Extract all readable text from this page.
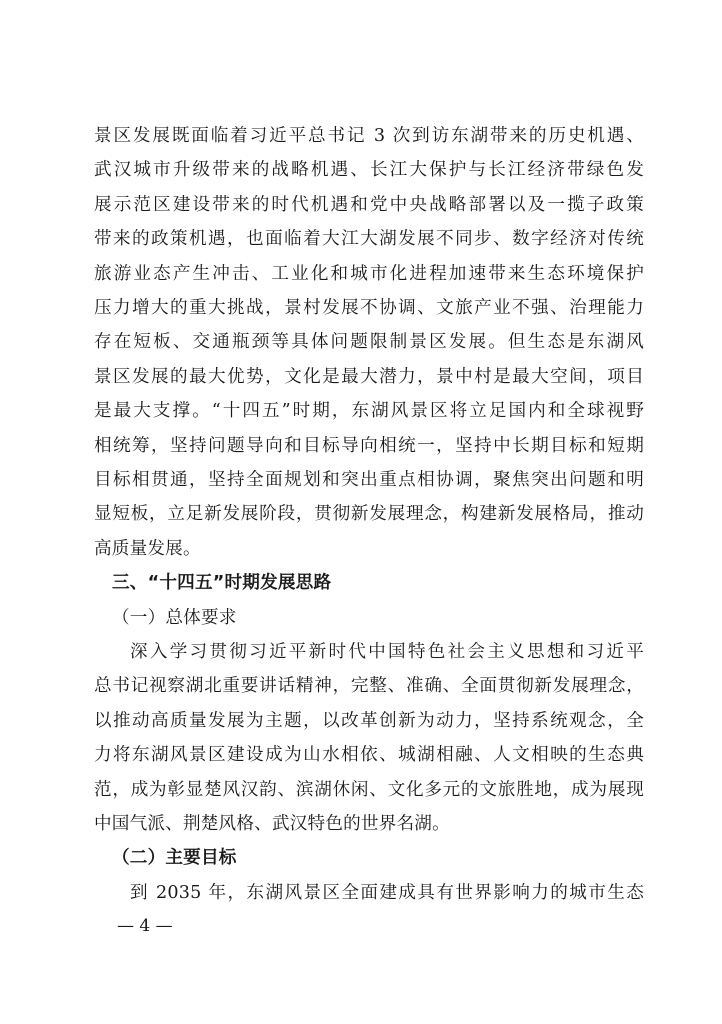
景区发展既面临着习近平总书记 3 次到访东湖带来的历史机遇、
武汉城市升级带来的战略机遇、长江大保护与长江经济带绿色发
展示范区建设带来的时代机遇和党中央战略部署以及一揽子政策
带来的政策机遇，也面临着大江大湖发展不同步、数字经济对传统
旅游业态产生冲击、工业化和城市化进程加速带来生态环境保护
压力增大的重大挑战，景村发展不协调、文旅产业不强、治理能力
存在短板、交通瓶颈等具体问题限制景区发展。但生态是东湖风
景区发展的最大优势，文化是最大潜力，景中村是最大空间，项目
是最大支撑。“十四五”时期，东湖风景区将立足国内和全球视野
相统筹，坚持问题导向和目标导向相统一，坚持中长期目标和短期
目标相贯通，坚持全面规划和突出重点相协调，聚焦突出问题和明
显短板，立足新发展阶段，贯彻新发展理念，构建新发展格局，推动
高质量发展。
三、“十四五”时期发展思路
（一）总体要求
深入学习贯彻习近平新时代中国特色社会主义思想和习近平
总书记视察湖北重要讲话精神，完整、准确、全面贯彻新发展理念，
以推动高质量发展为主题，以改革创新为动力，坚持系统观念，全
力将东湖风景区建设成为山水相依、城湖相融、人文相映的生态典
范，成为彰显楚风汉韵、滨湖休闲、文化多元的文旅胜地，成为展现
中国气派、荆楚风格、武汉特色的世界名湖。
（二）主要目标
到 2035 年，东湖风景区全面建成具有世界影响力的城市生态
— 4 —
